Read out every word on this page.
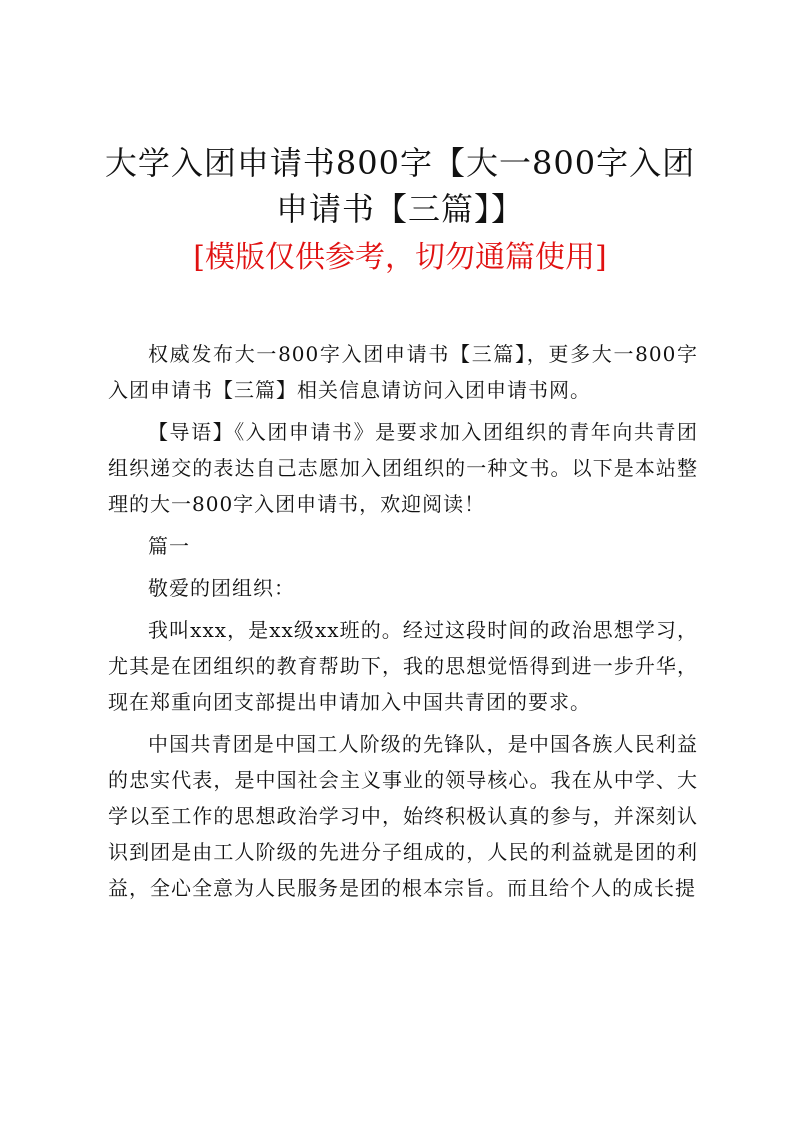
大学入团申请书800字【大一800字入团申请书【三篇】】
[模版仅供参考，切勿通篇使用]

权威发布大一800字入团申请书【三篇】，更多大一800字入团申请书【三篇】相关信息请访问入团申请书网。

【导语】《入团申请书》是要求加入团组织的青年向共青团组织递交的表达自己志愿加入团组织的一种文书。以下是本站整理的大一800字入团申请书，欢迎阅读！

篇一

敬爱的团组织：

我叫xxx，是xx级xx班的。经过这段时间的政治思想学习，尤其是在团组织的教育帮助下，我的思想觉悟得到进一步升华，现在郑重向团支部提出申请加入中国共青团的要求。

中国共青团是中国工人阶级的先锋队，是中国各族人民利益的忠实代表，是中国社会主义事业的领导核心。我在从中学、大学以至工作的思想政治学习中，始终积极认真的参与，并深刻认识到团是由工人阶级的先进分子组成的，人民的利益就是团的利益，全心全意为人民服务是团的根本宗旨。而且给个人的成长提
